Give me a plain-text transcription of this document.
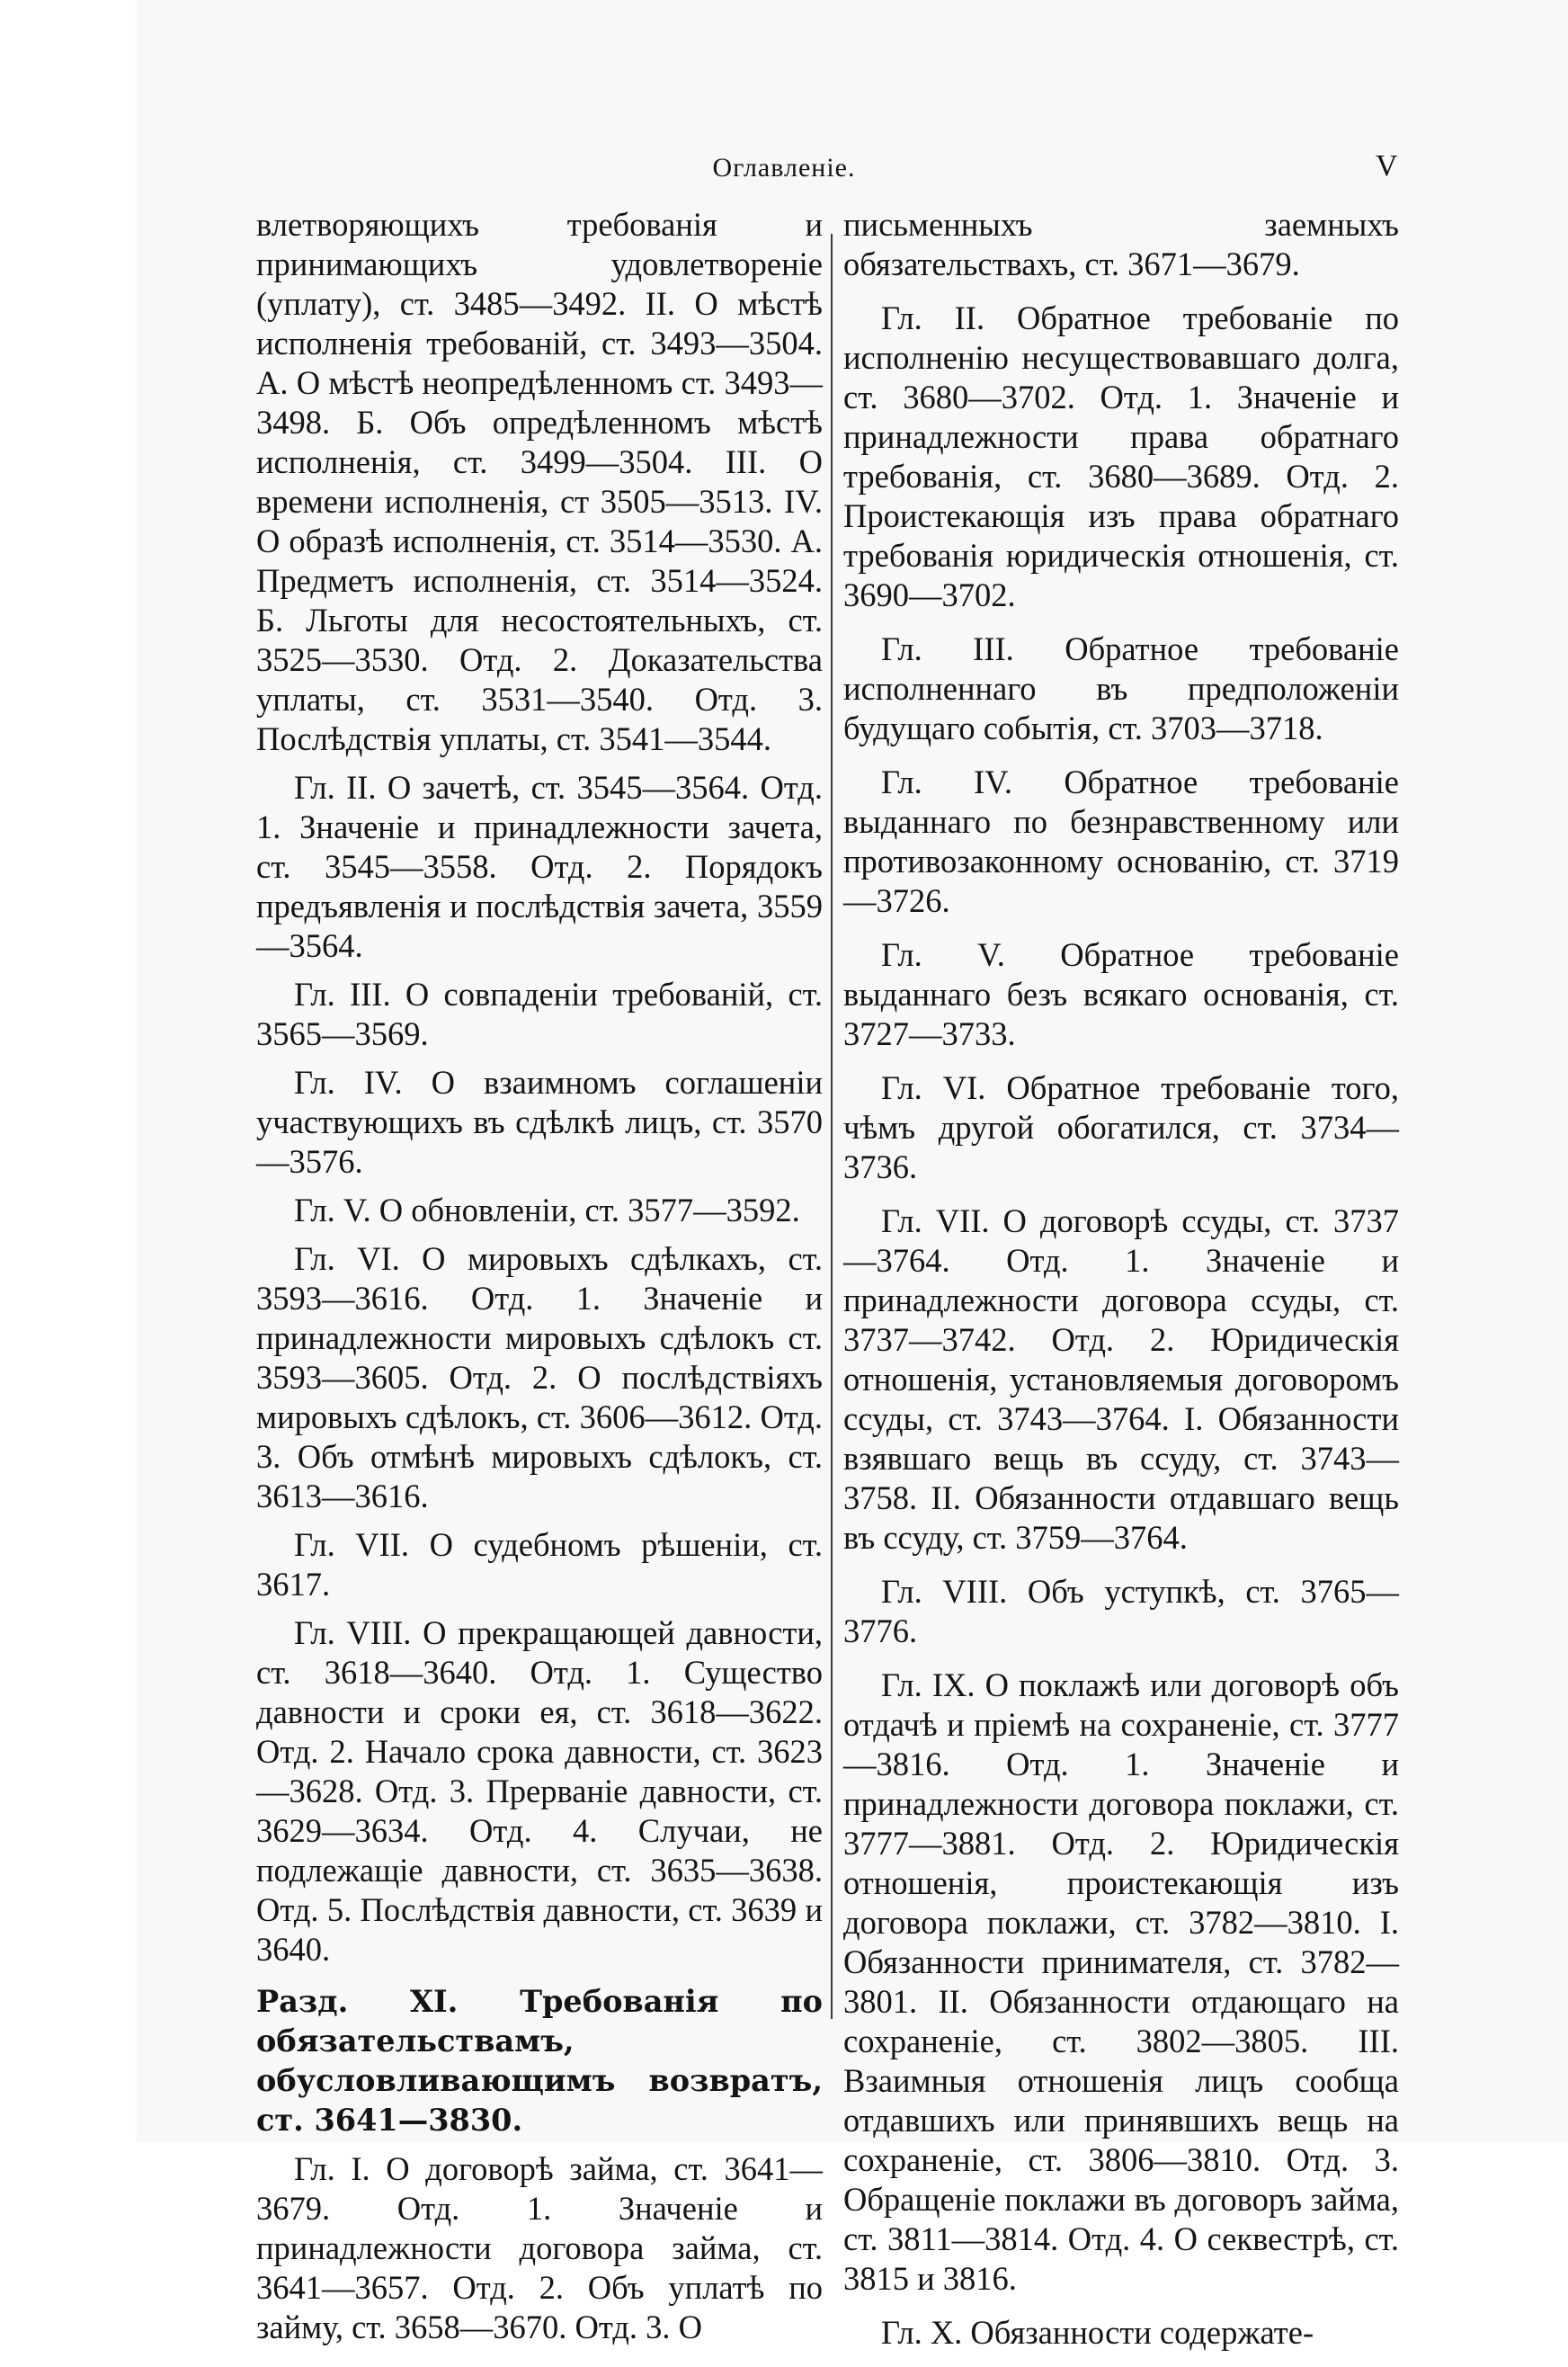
Оглавленіе.	V

влетворяющихъ требованія и принимающихъ удовлетвореніе (уплату), ст. 3485—3492. II. О мѣстѣ исполненія требованій, ст. 3493—3504. А. О мѣстѣ неопредѣленномъ ст. 3493—3498. Б. Объ опредѣленномъ мѣстѣ исполненія, ст. 3499—3504. III. О времени исполненія, ст 3505—3513. IV. О образѣ исполненія, ст. 3514—3530. А. Предметъ исполненія, ст. 3514—3524. Б. Льготы для несостоятельныхъ, ст. 3525—3530. Отд. 2. Доказательства уплаты, ст. 3531—3540. Отд. 3. Послѣдствія уплаты, ст. 3541—3544.

Гл. II. О зачетѣ, ст. 3545—3564. Отд. 1. Значеніе и принадлежности зачета, ст. 3545—3558. Отд. 2. Порядокъ предъявленія и послѣдствія зачета, 3559—3564.

Гл. III. О совпаденіи требованій, ст. 3565—3569.

Гл. IV. О взаимномъ соглашеніи участвующихъ въ сдѣлкѣ лицъ, ст. 3570—3576.

Гл. V. О обновленіи, ст. 3577—3592.

Гл. VI. О мировыхъ сдѣлкахъ, ст. 3593—3616. Отд. 1. Значеніе и принадлежности мировыхъ сдѣлокъ ст. 3593—3605. Отд. 2. О послѣдствіяхъ мировыхъ сдѣлокъ, ст. 3606—3612. Отд. 3. Объ отмѣнѣ мировыхъ сдѣлокъ, ст. 3613—3616.

Гл. VII. О судебномъ рѣшеніи, ст. 3617.

Гл. VIII. О прекращающей давности, ст. 3618—3640. Отд. 1. Существо давности и сроки ея, ст. 3618—3622. Отд. 2. Начало срока давности, ст. 3623—3628. Отд. 3. Прерваніе давности, ст. 3629—3634. Отд. 4. Случаи, не подлежащіе давности, ст. 3635—3638. Отд. 5. Послѣдствія давности, ст. 3639 и 3640.

Разд. XI. Требованія по обязательствамъ, обусловливающимъ возвратъ, ст. 3641—3830.

Гл. I. О договорѣ займа, ст. 3641—3679. Отд. 1. Значеніе и принадлежности договора займа, ст. 3641—3657. Отд. 2. Объ уплатѣ по займу, ст. 3658—3670. Отд. 3. О

письменныхъ заемныхъ обязательствахъ, ст. 3671—3679.

Гл. II. Обратное требованіе по исполненію несуществовавшаго долга, ст. 3680—3702. Отд. 1. Значеніе и принадлежности права обратнаго требованія, ст. 3680—3689. Отд. 2. Проистекающія изъ права обратнаго требованія юридическія отношенія, ст. 3690—3702.

Гл. III. Обратное требованіе исполненнаго въ предположеніи будущаго событія, ст. 3703—3718.

Гл. IV. Обратное требованіе выданнаго по безнравственному или противозаконному основанію, ст. 3719—3726.

Гл. V. Обратное требованіе выданнаго безъ всякаго основанія, ст. 3727—3733.

Гл. VI. Обратное требованіе того, чѣмъ другой обогатился, ст. 3734—3736.

Гл. VII. О договорѣ ссуды, ст. 3737—3764. Отд. 1. Значеніе и принадлежности договора ссуды, ст. 3737—3742. Отд. 2. Юридическія отношенія, установляемыя договоромъ ссуды, ст. 3743—3764. I. Обязанности взявшаго вещь въ ссуду, ст. 3743—3758. II. Обязанности отдавшаго вещь въ ссуду, ст. 3759—3764.

Гл. VIII. Объ уступкѣ, ст. 3765—3776.

Гл. IX. О поклажѣ или договорѣ объ отдачѣ и пріемѣ на сохраненіе, ст. 3777—3816. Отд. 1. Значеніе и принадлежности договора поклажи, ст. 3777—3881. Отд. 2. Юридическія отношенія, проистекающія изъ договора поклажи, ст. 3782—3810. I. Обязанности принимателя, ст. 3782—3801. II. Обязанности отдающаго на сохраненіе, ст. 3802—3805. III. Взаимныя отношенія лицъ сообща отдавшихъ или принявшихъ вещь на сохраненіе, ст. 3806—3810. Отд. 3. Обращеніе поклажи въ договоръ займа, ст. 3811—3814. Отд. 4. О секвестрѣ, ст. 3815 и 3816.

Гл. X. Обязанности содержате-
